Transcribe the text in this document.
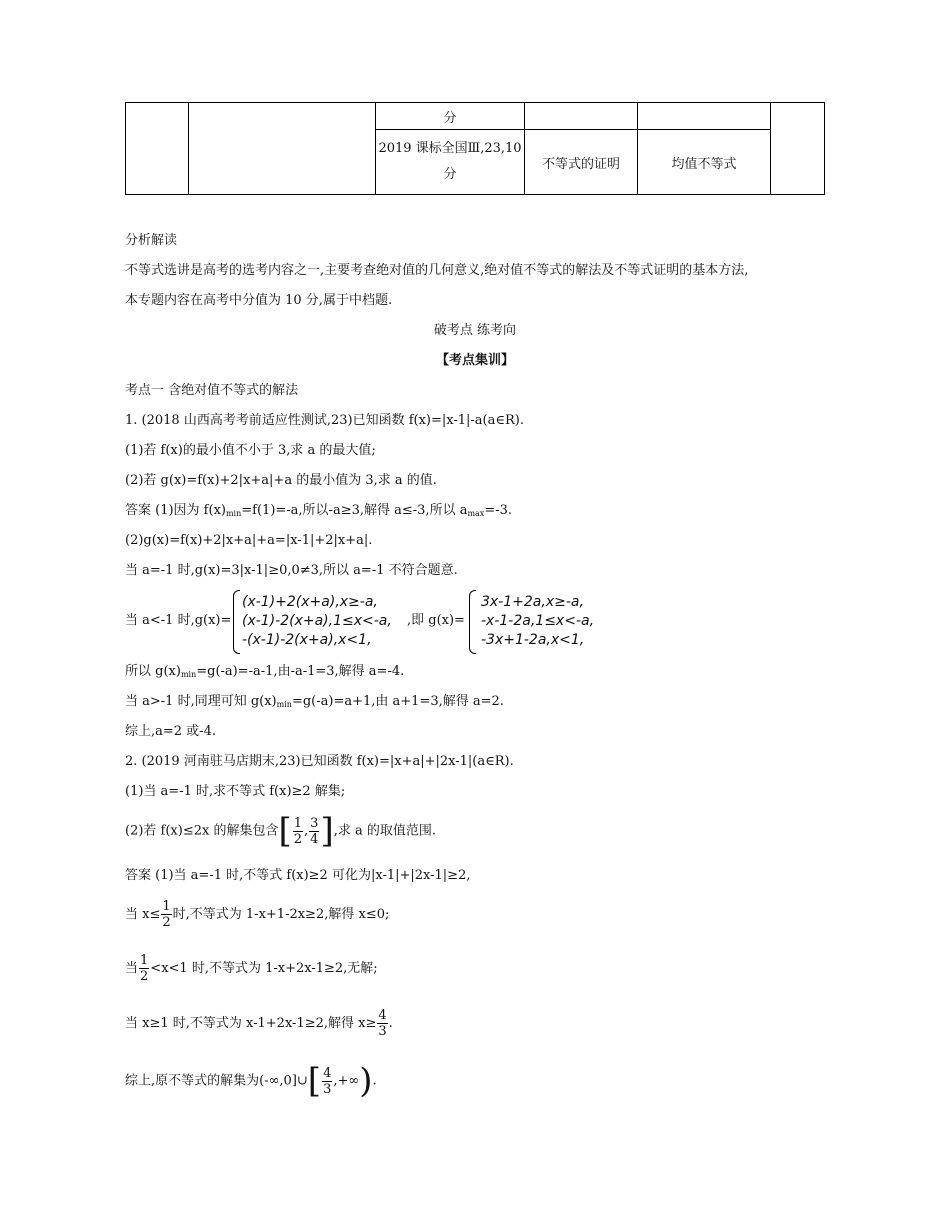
		分			

		2019 课标全国Ⅲ,23,10
分	不等式的证明	均值不等式	
分析解读
不等式选讲是高考的选考内容之一,主要考查绝对值的几何意义,绝对值不等式的解法及不等式证明的基本方法,
本专题内容在高考中分值为 10 分,属于中档题.
破考点 练考向
【考点集训】
考点一 含绝对值不等式的解法
1. (2018 山西高考考前适应性测试,23)已知函数 f(x)=|x-1|-a(a∈R).
(1)若 f(x)的最小值不小于 3,求 a 的最大值;
(2)若 g(x)=f(x)+2|x+a|+a 的最小值为 3,求 a 的值.
答案 (1)因为 $f(x)_{min}=f(1)=-a$,所以-a≥3,解得 a≤-3,所以 $a_{max}=-3$.
(2)g(x)=f(x)+2|x+a|+a=|x-1|+2|x+a|.
当 a=-1 时,g(x)=3|x-1|≥0,0≠3,所以 a=-1 不符合题意.
当 a<-1 时,g(x)=
(x-1)+2(x+a),x≥-a,
(x-1)-2(x+a),1≤x<-a,
-(x-1)-2(x+a),x<1,
,即 g(x)=
3x-1+2a,x≥-a,
-x-1-2a,1≤x<-a,
-3x+1-2a,x<1,
所以 $g(x)_{min}=g(-a)=-a-1$,由-a-1=3,解得 a=-4.
当 a>-1 时,同理可知 $g(x)_{min}=g(-a)=a+1$,由 a+1=3,解得 a=2.
综上,a=2 或-4.
2. (2019 河南驻马店期末,23)已知函数 f(x)=|x+a|+|2x-1|(a∈R).
(1)当 a=-1 时,求不等式 f(x)≥2 解集;
(2)若 f(x)≤2x 的解集包含[ $\frac{1}{2}$ , $\frac{3}{4}$ ],求 a 的取值范围.
答案 (1)当 a=-1 时,不等式 f(x)≥2 可化为|x-1|+|2x-1|≥2,
当 $x\le \frac{1}{2}$ 时,不等式为 1-x+1-2x≥2,解得 x≤0;
当 $\frac{1}{2} <x<1$ 时,不等式为 1-x+2x-1≥2,无解;
当 x≥1 时,不等式为 x-1+2x-1≥2,解得 $x\ge \frac{4}{3}$ .
综上,原不等式的解集为(-∞,0]∪[ $\frac{4}{3}$ ,+∞).
